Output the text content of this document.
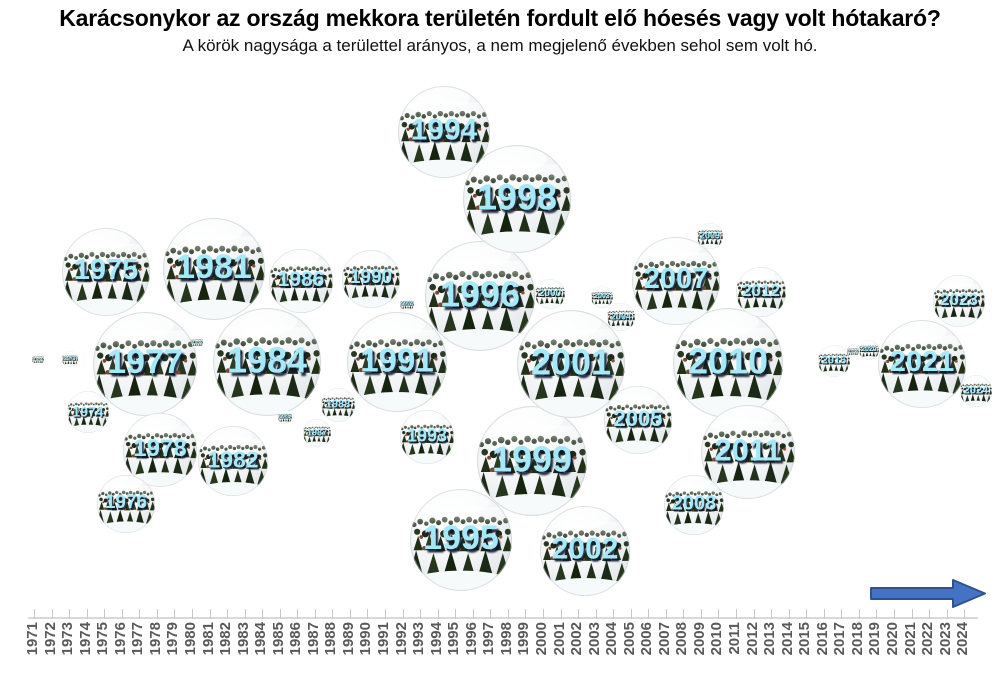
Karácsonykor az ország mekkora területén fordult elő hóesés vagy volt hótakaró?

A körök nagysága a területtel arányos, a nem megjelenő években sehol sem volt hó.

1996
1999
2010
1984
1998
2001
1977
1981
1995
1991
2011
1994
2002
1975	2007
2021
1978 1982
2005
1986
2008
1976
1990
1993
2023
2012
1974	1988
2016
2024
2000
1987
2004
2009
2003
2020
1973
1985
1992
1972
1979
2018
1971 1972 1973 1974 1975 1976 1977 1978 1979 1980 1981 1982 1983 1984 1985 1986 1987 1988 1989 1990 1991 1992 1993 1994 1995 1996 1997 1998 1999 2000 2001 2002 2003 2004 2005 2006 2007 2008 2009 2010 2011 2012 2013 2014 2015 2016 2017 2018 2019 2020 2021 2022 2023 2024
